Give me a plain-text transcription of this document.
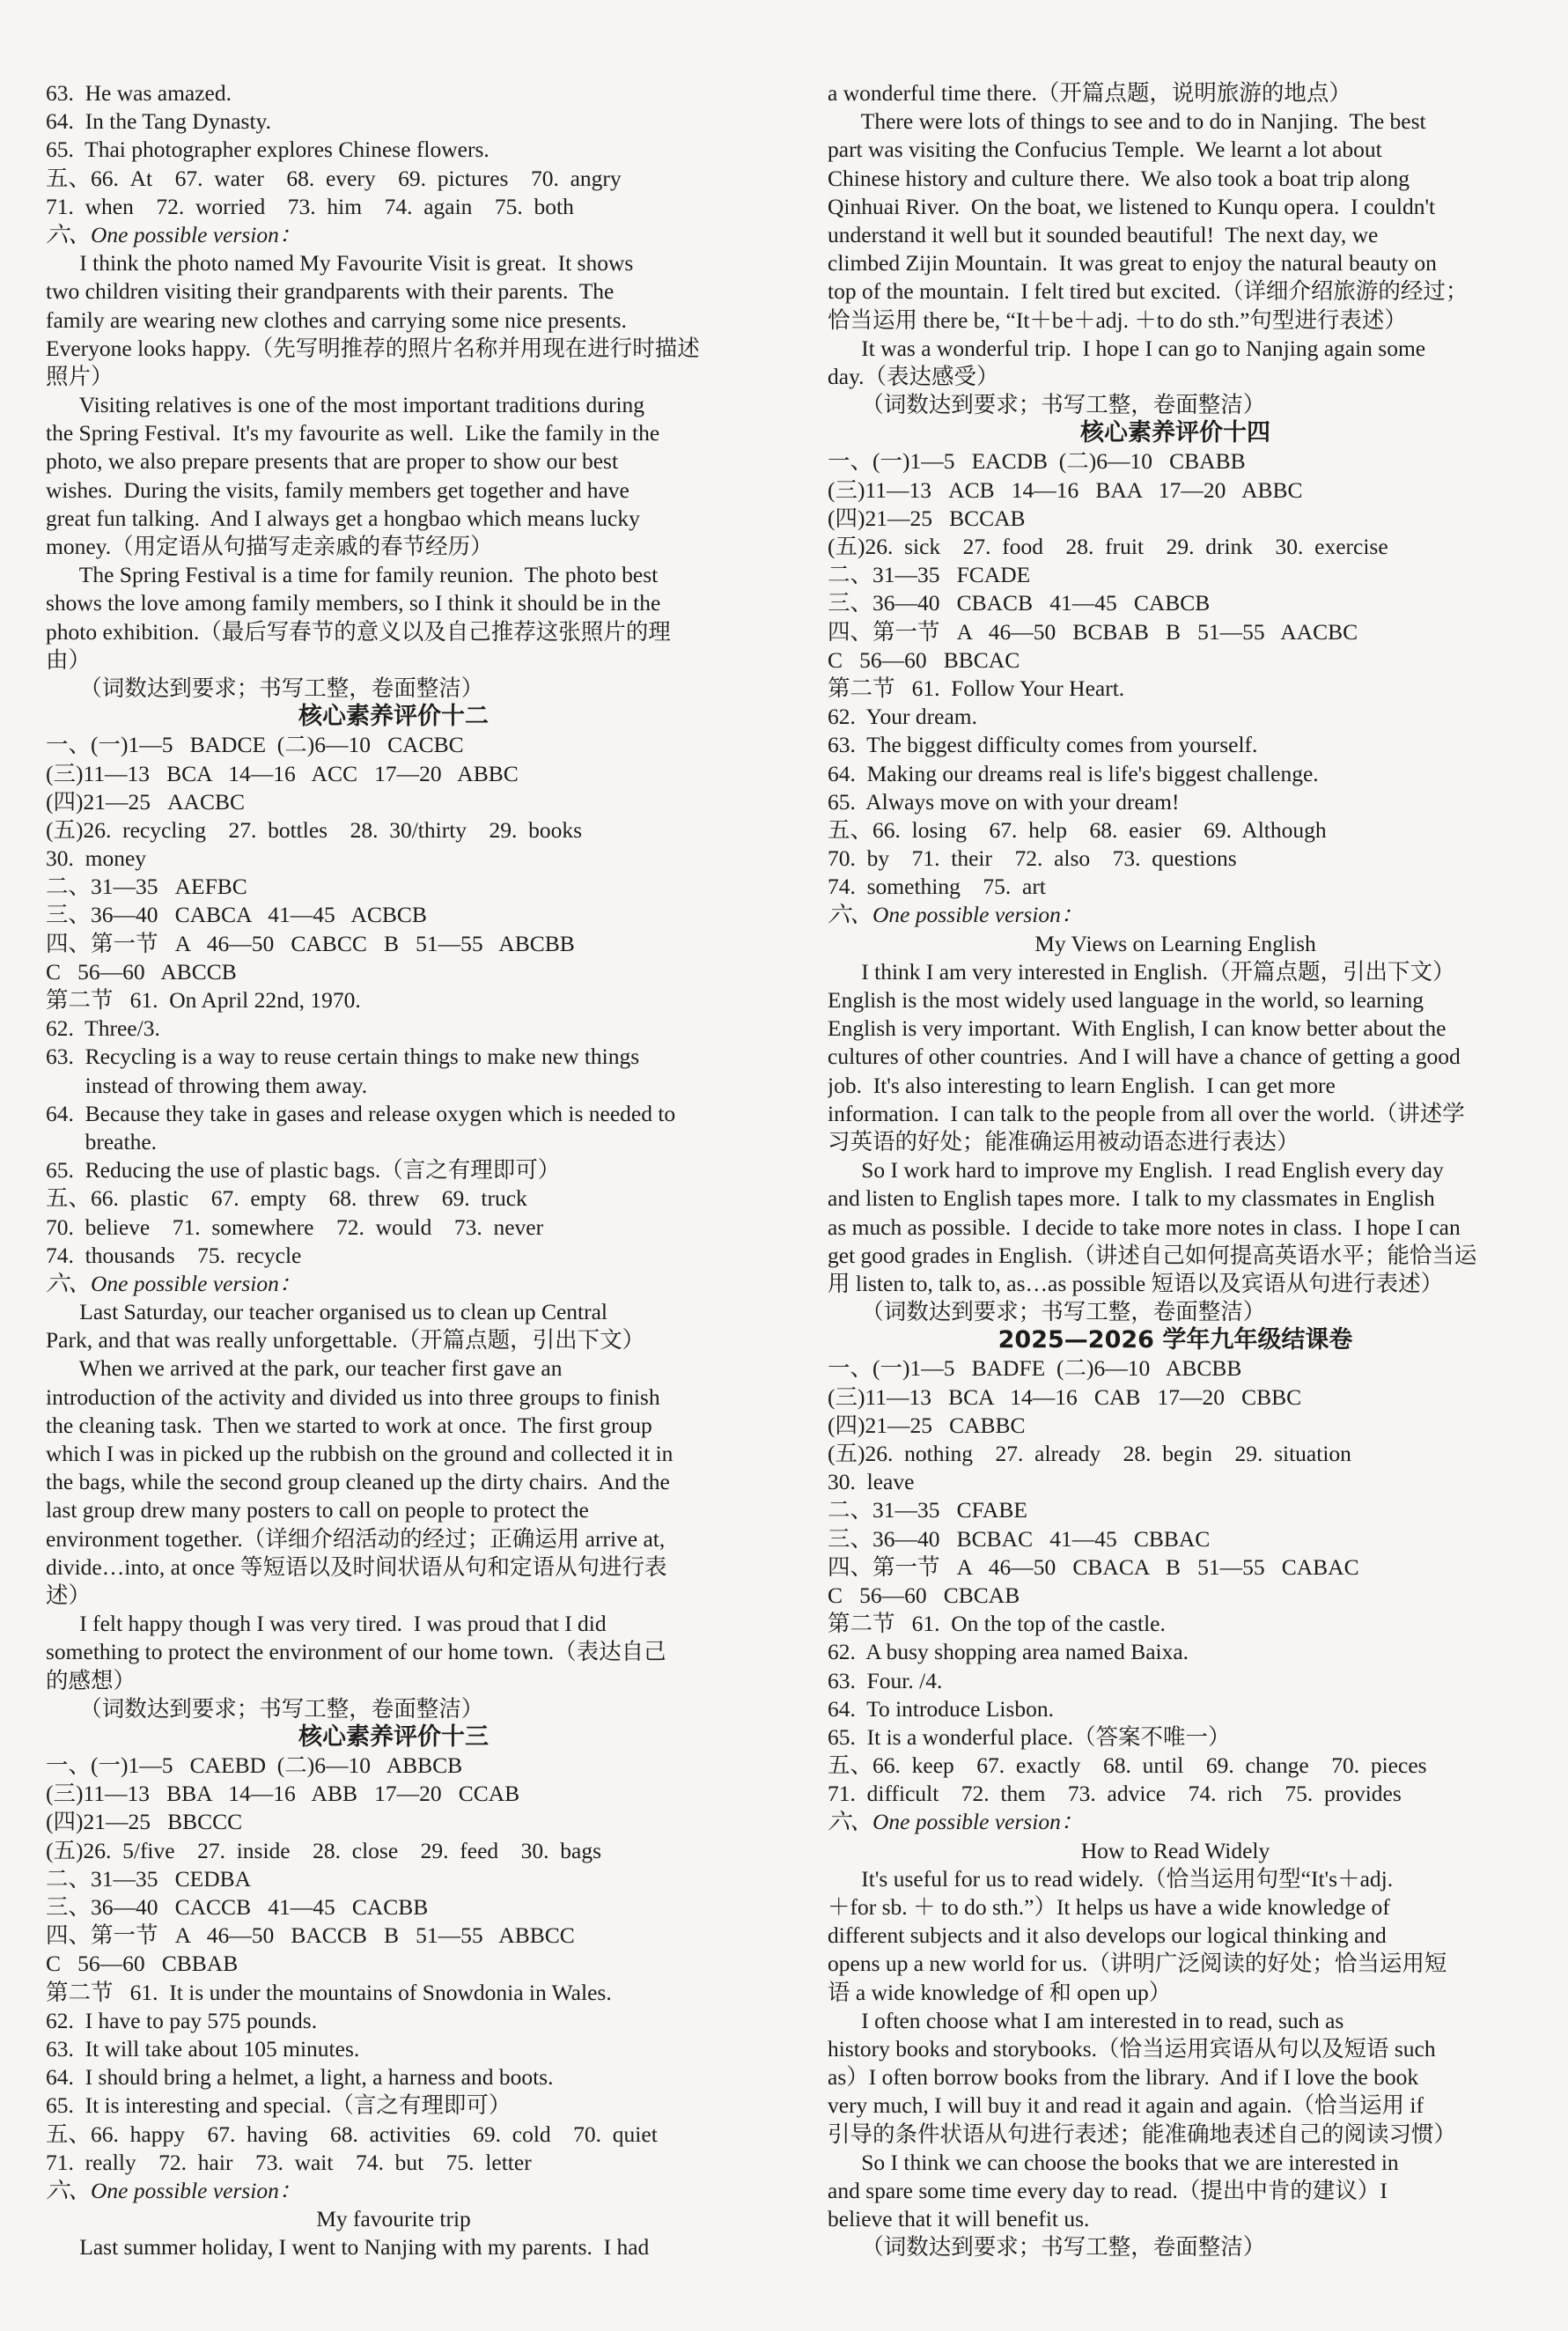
63.  He was amazed.
64.  In the Tang Dynasty.
65.  Thai photographer explores Chinese flowers.
五、66.  At    67.  water    68.  every    69.  pictures    70.  angry
71.  when    72.  worried    73.  him    74.  again    75.  both
六、One possible version：
I think the photo named My Favourite Visit is great.  It shows
two children visiting their grandparents with their parents.  The
family are wearing new clothes and carrying some nice presents.
Everyone looks happy.（先写明推荐的照片名称并用现在进行时描述
照片）
Visiting relatives is one of the most important traditions during
the Spring Festival.  It's my favourite as well.  Like the family in the
photo, we also prepare presents that are proper to show our best
wishes.  During the visits, family members get together and have
great fun talking.  And I always get a hongbao which means lucky
money.（用定语从句描写走亲戚的春节经历）
The Spring Festival is a time for family reunion.  The photo best
shows the love among family members, so I think it should be in the
photo exhibition.（最后写春节的意义以及自己推荐这张照片的理
由）
（词数达到要求；书写工整，卷面整洁）
核心素养评价十二
一、(一)1—5   BADCE  (二)6—10   CACBC
(三)11—13   BCA   14—16   ACC   17—20   ABBC
(四)21—25   AACBC
(五)26.  recycling    27.  bottles    28.  30/thirty    29.  books
30.  money
二、31—35   AEFBC
三、36—40   CABCA   41—45   ACBCB
四、第一节   A   46—50   CABCC   B   51—55   ABCBB
C   56—60   ABCCB
第二节   61.  On April 22nd, 1970.
62.  Three/3.
63.  Recycling is a way to reuse certain things to make new things
instead of throwing them away.
64.  Because they take in gases and release oxygen which is needed to
breathe.
65.  Reducing the use of plastic bags.（言之有理即可）
五、66.  plastic    67.  empty    68.  threw    69.  truck
70.  believe    71.  somewhere    72.  would    73.  never
74.  thousands    75.  recycle
六、One possible version：
Last Saturday, our teacher organised us to clean up Central
Park, and that was really unforgettable.（开篇点题，引出下文）
When we arrived at the park, our teacher first gave an
introduction of the activity and divided us into three groups to finish
the cleaning task.  Then we started to work at once.  The first group
which I was in picked up the rubbish on the ground and collected it in
the bags, while the second group cleaned up the dirty chairs.  And the
last group drew many posters to call on people to protect the
environment together.（详细介绍活动的经过；正确运用 arrive at,
divide…into, at once 等短语以及时间状语从句和定语从句进行表
述）
I felt happy though I was very tired.  I was proud that I did
something to protect the environment of our home town.（表达自己
的感想）
（词数达到要求；书写工整，卷面整洁）
核心素养评价十三
一、(一)1—5   CAEBD  (二)6—10   ABBCB
(三)11—13   BBA   14—16   ABB   17—20   CCAB
(四)21—25   BBCCC
(五)26.  5/five    27.  inside    28.  close    29.  feed    30.  bags
二、31—35   CEDBA
三、36—40   CACCB   41—45   CACBB
四、第一节   A   46—50   BACCB   B   51—55   ABBCC
C   56—60   CBBAB
第二节   61.  It is under the mountains of Snowdonia in Wales.
62.  I have to pay 575 pounds.
63.  It will take about 105 minutes.
64.  I should bring a helmet, a light, a harness and boots.
65.  It is interesting and special.（言之有理即可）
五、66.  happy    67.  having    68.  activities    69.  cold    70.  quiet
71.  really    72.  hair    73.  wait    74.  but    75.  letter
六、One possible version：
My favourite trip
Last summer holiday, I went to Nanjing with my parents.  I had
a wonderful time there.（开篇点题，说明旅游的地点）
There were lots of things to see and to do in Nanjing.  The best
part was visiting the Confucius Temple.  We learnt a lot about
Chinese history and culture there.  We also took a boat trip along
Qinhuai River.  On the boat, we listened to Kunqu opera.  I couldn't
understand it well but it sounded beautiful!  The next day, we
climbed Zijin Mountain.  It was great to enjoy the natural beauty on
top of the mountain.  I felt tired but excited.（详细介绍旅游的经过；
恰当运用 there be, “It＋be＋adj. ＋to do sth.”句型进行表述）
It was a wonderful trip.  I hope I can go to Nanjing again some
day.（表达感受）
（词数达到要求；书写工整，卷面整洁）
核心素养评价十四
一、(一)1—5   EACDB  (二)6—10   CBABB
(三)11—13   ACB   14—16   BAA   17—20   ABBC
(四)21—25   BCCAB
(五)26.  sick    27.  food    28.  fruit    29.  drink    30.  exercise
二、31—35   FCADE
三、36—40   CBACB   41—45   CABCB
四、第一节   A   46—50   BCBAB   B   51—55   AACBC
C   56—60   BBCAC
第二节   61.  Follow Your Heart.
62.  Your dream.
63.  The biggest difficulty comes from yourself.
64.  Making our dreams real is life's biggest challenge.
65.  Always move on with your dream!
五、66.  losing    67.  help    68.  easier    69.  Although
70.  by    71.  their    72.  also    73.  questions
74.  something    75.  art
六、One possible version：
My Views on Learning English
I think I am very interested in English.（开篇点题，引出下文）
English is the most widely used language in the world, so learning
English is very important.  With English, I can know better about the
cultures of other countries.  And I will have a chance of getting a good
job.  It's also interesting to learn English.  I can get more
information.  I can talk to the people from all over the world.（讲述学
习英语的好处；能准确运用被动语态进行表达）
So I work hard to improve my English.  I read English every day
and listen to English tapes more.  I talk to my classmates in English
as much as possible.  I decide to take more notes in class.  I hope I can
get good grades in English.（讲述自己如何提高英语水平；能恰当运
用 listen to, talk to, as…as possible 短语以及宾语从句进行表述）
（词数达到要求；书写工整，卷面整洁）
2025—2026 学年九年级结课卷
一、(一)1—5   BADFE  (二)6—10   ABCBB
(三)11—13   BCA   14—16   CAB   17—20   CBBC
(四)21—25   CABBC
(五)26.  nothing    27.  already    28.  begin    29.  situation
30.  leave
二、31—35   CFABE
三、36—40   BCBAC   41—45   CBBAC
四、第一节   A   46—50   CBACA   B   51—55   CABAC
C   56—60   CBCAB
第二节   61.  On the top of the castle.
62.  A busy shopping area named Baixa.
63.  Four. /4.
64.  To introduce Lisbon.
65.  It is a wonderful place.（答案不唯一）
五、66.  keep    67.  exactly    68.  until    69.  change    70.  pieces
71.  difficult    72.  them    73.  advice    74.  rich    75.  provides
六、One possible version：
How to Read Widely
It's useful for us to read widely.（恰当运用句型“It's＋adj.
＋for sb. ＋ to do sth.”）It helps us have a wide knowledge of
different subjects and it also develops our logical thinking and
opens up a new world for us.（讲明广泛阅读的好处；恰当运用短
语 a wide knowledge of 和 open up）
I often choose what I am interested in to read, such as
history books and storybooks.（恰当运用宾语从句以及短语 such
as）I often borrow books from the library.  And if I love the book
very much, I will buy it and read it again and again.（恰当运用 if
引导的条件状语从句进行表述；能准确地表述自己的阅读习惯）
So I think we can choose the books that we are interested in
and spare some time every day to read.（提出中肯的建议）I
believe that it will benefit us.
（词数达到要求；书写工整，卷面整洁）
